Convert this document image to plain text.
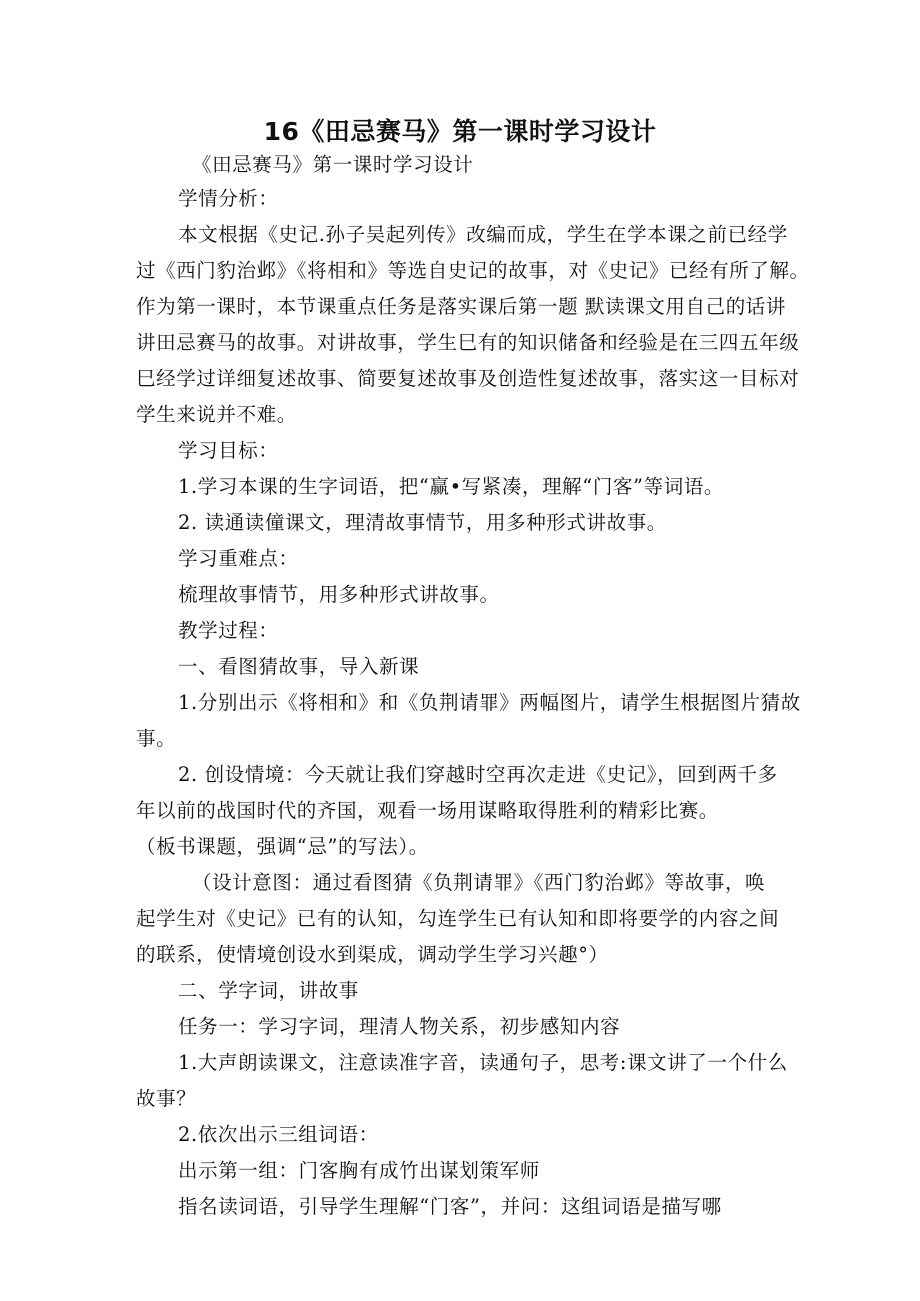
16《田忌赛马》第一课时学习设计
《田忌赛马》第一课时学习设计
学情分析：
本文根据《史记.孙子吴起列传》改编而成，学生在学本课之前已经学
过《西门豹治邺》《将相和》等选自史记的故事，对《史记》已经有所了解。
作为第一课时，本节课重点任务是落实课后第一题 默读课文用自己的话讲
讲田忌赛马的故事。对讲故事，学生巳有的知识储备和经验是在三四五年级
巳经学过详细复述故事、简要复述故事及创造性复述故事，落实这一目标对
学生来说并不难。
学习目标：
1.学习本课的生字词语，把“赢•写紧凑，理解“门客”等词语。
2. 读通读僮课文，理清故事情节，用多种形式讲故事。
学习重难点：
梳理故事情节，用多种形式讲故事。
教学过程：
一、看图猜故事，导入新课
1.分别出示《将相和》和《负荆请罪》两幅图片，请学生根据图片猜故
事。
2. 创设情境：今天就让我们穿越时空再次走进《史记》，回到两千多
年以前的战国时代的齐国，观看一场用谋略取得胜利的精彩比赛。
（板书课题，强调“忌”的写法）。
（设计意图：通过看图猜《负荆请罪》《西门豹治邺》等故事，唤
起学生对《史记》已有的认知，勾连学生已有认知和即将要学的内容之间
的联系，使情境创设水到渠成，调动学生学习兴趣°）
二、学字词，讲故事
任务一：学习字词，理清人物关系，初步感知内容
1.大声朗读课文，注意读准字音，读通句子，思考:课文讲了一个什么
故事？
2.依次出示三组词语：
出示第一组：门客胸有成竹出谋划策军师
指名读词语，引导学生理解“门客”，并问：这组词语是描写哪
